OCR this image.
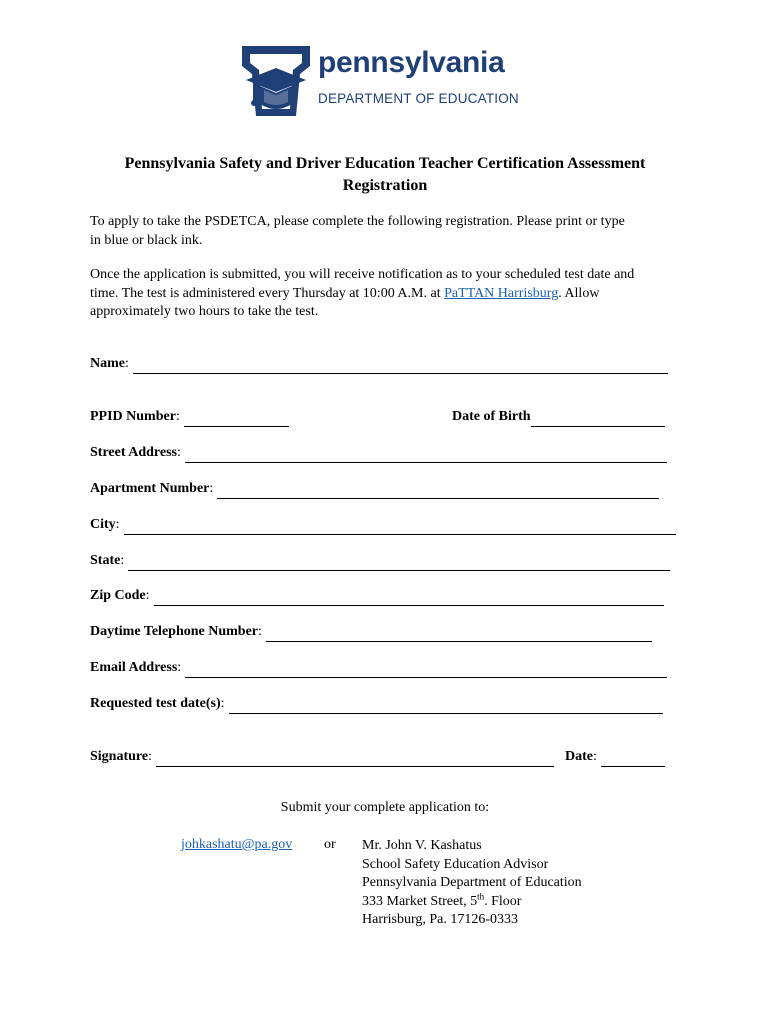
pennsylvania
DEPARTMENT OF EDUCATION
Pennsylvania Safety and Driver Education Teacher Certification Assessment
Registration
To apply to take the PSDETCA, please complete the following registration. Please print or type
in blue or black ink.
Once the application is submitted, you will receive notification as to your scheduled test date and
time. The test is administered every Thursday at 10:00 A.M. at PaTTAN Harrisburg. Allow
approximately two hours to take the test.
Name :
PPID Number :	Date of Birth
Street Address :
Apartment Number :
City :
State :
Zip Code :
Daytime Telephone Number :
Email Address :
Requested test date(s) :
Signature :	Date :
Submit your complete application to:
johkashatu@pa.gov or Mr. John V. Kashatus
School Safety Education Advisor
Pennsylvania Department of Education
333 Market Street, 5th. Floor
Harrisburg, Pa. 17126-0333
